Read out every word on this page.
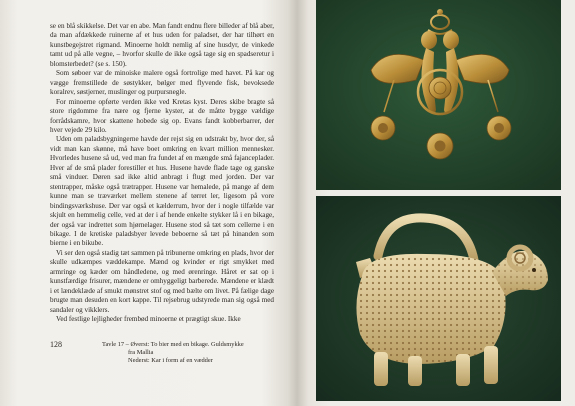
se en blå skikkelse. Det var en abe. Man fandt endnu flere billeder af blå aber, da man afdækkede ruinerne af et hus uden for paladset, der har tilhørt en kunstbegejstret rigmand. Minoerne holdt nemlig af sine husdyr, de vinkede tamt ud på alle vegne, – hvorfor skulle de ikke også tage sig en spadseretur i blomsterbedet? (se s. 150).

Som søboer var de minoiske malere også fortrolige med havet. På kar og vægge fremstillede de søstykker, bølger med flyvende fisk, bevoksede koralrev, søstjerner, muslinger og purpursnegle.

For minoerne opførte verden ikke ved Kretas kyst. Deres skibe bragte så store rigdomme fra nære og fjerne kyster, at de måtte bygge vældige forrådskamre, hvor skattene hobede sig op. Evans fandt kobberbarrer, der hver vejede 29 kilo.

Uden om paladsbygningerne havde der rejst sig en udstrakt by, hvor der, så vidt man kan skønne, må have boet omkring en kvart million mennesker. Hvorledes husene så ud, ved man fra fundet af en mængde små fajanceplader. Hver af de små plader forestiller et hus. Husene havde flade tage og ganske små vinduer. Døren sad ikke altid anbragt i flugt med jorden. Der var stentrapper, måske også trætrapper. Husene var hemalede, på mange af dem kunne man se træværket mellem stenene af tørret ler, ligesom på vore bindingsværkshuse. Der var også et kælderrum, hvor der i nogle tilfælde var skjult en hemmelig celle, ved at der i af hende enkelte stykker lå i en bikage, der også var indrettet som hjørnelager. Husene stod så tæt som cellerne i en bikage. I de kretiske paladsbyer levede beboerne så tæt på hinanden som bierne i en bikube.

Vi ser den også stadig tæt sammen på tribunerne omkring en plads, hvor der skulle udkæmpes væddekampe. Mænd og kvinder er rigt smykket med armringe og kæder om håndledene, og med ørenringe. Håret er sat op i kunstfærdige frisurer, mændene er omhyggeligt barberede. Mændene er klædt i et lændeklæde af smukt mønstret stof og med bælte om livet. På fælige dage brugte man desuden en kort kappe. Til rejsebrug udstyrede man sig også med sandaler og vikklers.

Ved festlige lejligheder frembød minoerne et prægtigt skue. Ikke

128	Tavle 17 – Øverst: To bier med en bikage. Guldsmykke
fra Mallia
Nederst: Kar i form af en vædder
